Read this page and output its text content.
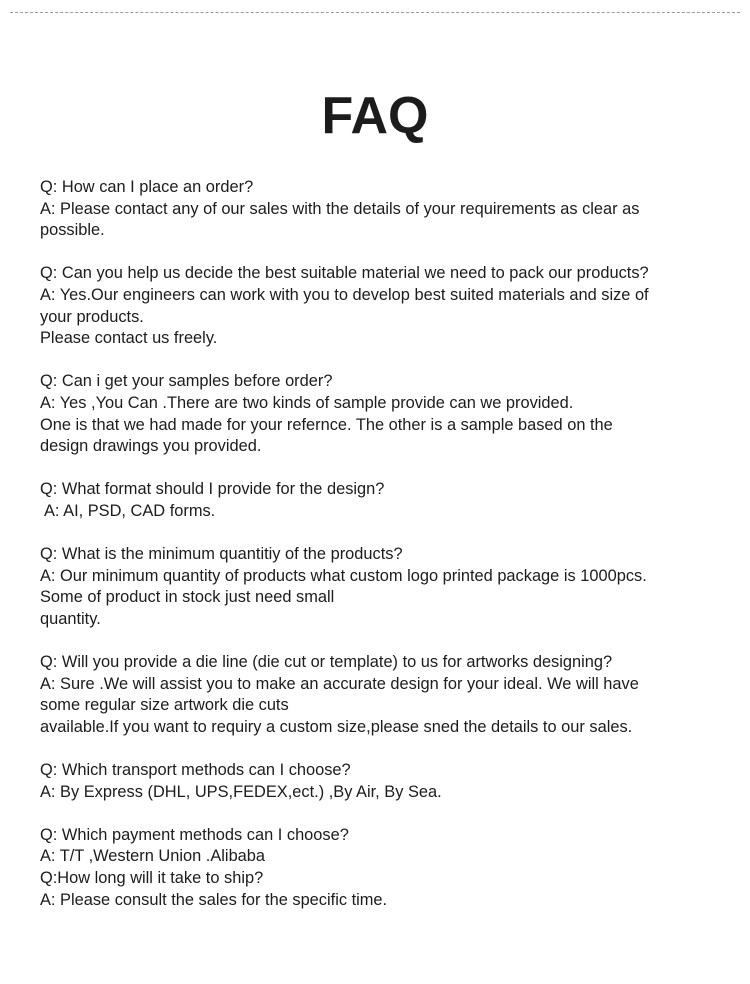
FAQ
Q: How can I place an order?
A: Please contact any of our sales with the details of your requirements as clear as
possible.
Q: Can you help us decide the best suitable material we need to pack our products?
A: Yes.Our engineers can work with you to develop best suited materials and size of
your products.
Please contact us freely.
Q: Can i get your samples before order?
A: Yes ,You Can .There are two kinds of sample provide can we provided.
One is that we had made for your refernce. The other is a sample based on the
design drawings you provided.
Q: What format should I provide for the design?
A: AI, PSD, CAD forms.
Q: What is the minimum quantitiy of the products?
A: Our minimum quantity of products what custom logo printed package is 1000pcs.
Some of product in stock just need small
quantity.
Q: Will you provide a die line (die cut or template) to us for artworks designing?
A: Sure .We will assist you to make an accurate design for your ideal. We will have
some regular size artwork die cuts
available.If you want to requiry a custom size,please sned the details to our sales.
Q: Which transport methods can I choose?
A: By Express (DHL, UPS,FEDEX,ect.) ,By Air, By Sea.
Q: Which payment methods can I choose?
A: T/T ,Western Union .Alibaba
Q:How long will it take to ship?
A: Please consult the sales for the specific time.
